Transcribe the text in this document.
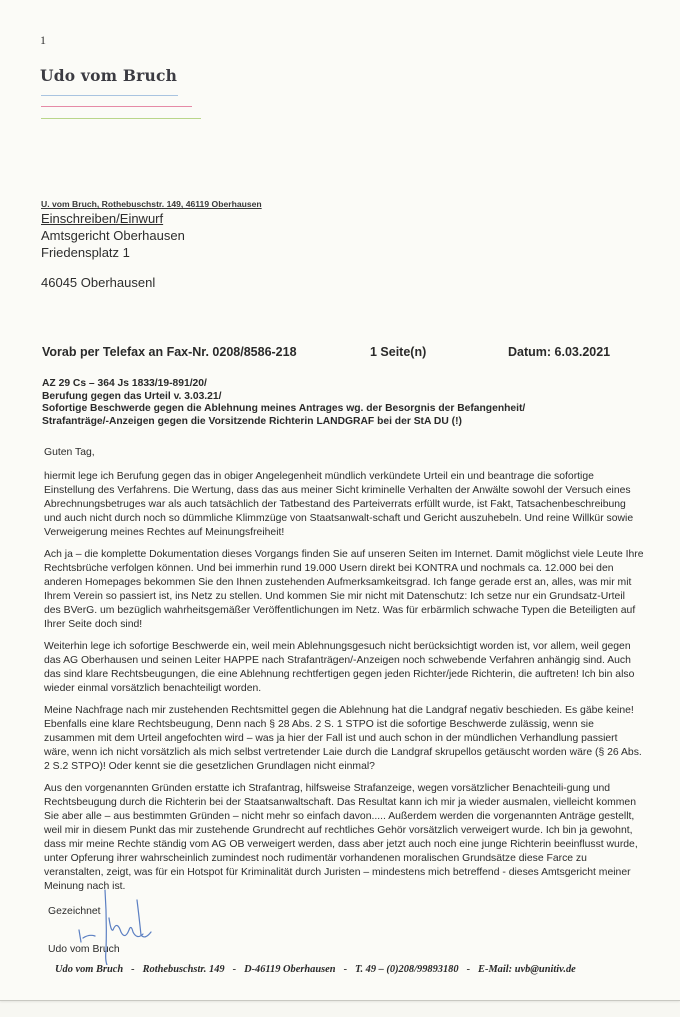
1
Udo vom Bruch
U. vom Bruch, Rothebuschstr. 149, 46119 Oberhausen
Einschreiben/Einwurf
Amtsgericht Oberhausen
Friedensplatz 1
46045 Oberhausenl
Vorab per Telefax an Fax-Nr. 0208/8586-218	1 Seite(n)	Datum: 6.03.2021
AZ 29 Cs – 364 Js 1833/19-891/20/
Berufung gegen das Urteil v. 3.03.21/
Sofortige Beschwerde gegen die Ablehnung meines Antrages wg. der Besorgnis der Befangenheit/
Strafanträge/-Anzeigen gegen die Vorsitzende Richterin LANDGRAF bei der StA DU (!)

Guten Tag,

hiermit lege ich Berufung gegen das in obiger Angelegenheit mündlich verkündete Urteil ein und beantrage die sofortige Einstellung des Verfahrens. Die Wertung, dass das aus meiner Sicht kriminelle Verhalten der Anwälte sowohl der Versuch eines Abrechnungsbetruges war als auch tatsächlich der Tatbestand des Parteiverrats erfüllt wurde, ist Fakt, Tatsachenbeschreibung und auch nicht durch noch so dümmliche Klimmzüge von Staatsanwalt-schaft und Gericht auszuhebeln. Und reine Willkür sowie Verweigerung meines Rechtes auf Meinungsfreiheit!

Ach ja – die komplette Dokumentation dieses Vorgangs finden Sie auf unseren Seiten im Internet. Damit möglichst viele Leute Ihre Rechtsbrüche verfolgen können. Und bei immerhin rund 19.000 Usern direkt bei KONTRA und nochmals ca. 12.000 bei den anderen Homepages bekommen Sie den Ihnen zustehenden Aufmerksamkeitsgrad. Ich fange gerade erst an, alles, was mir mit Ihrem Verein so passiert ist, ins Netz zu stellen. Und kommen Sie mir nicht mit Datenschutz: Ich setze nur ein Grundsatz-Urteil des BVerG. um bezüglich wahrheitsgemäßer Veröffentlichungen im Netz. Was für erbärmlich schwache Typen die Beteiligten auf Ihrer Seite doch sind!

Weiterhin lege ich sofortige Beschwerde ein, weil mein Ablehnungsgesuch nicht berücksichtigt worden ist, vor allem, weil gegen das AG Oberhausen und seinen Leiter HAPPE nach Strafanträgen/-Anzeigen noch schwebende Verfahren anhängig sind. Auch das sind klare Rechtsbeugungen, die eine Ablehnung rechtfertigen gegen jeden Richter/jede Richterin, die auftreten! Ich bin also wieder einmal vorsätzlich benachteiligt worden.

Meine Nachfrage nach mir zustehenden Rechtsmittel gegen die Ablehnung hat die Landgraf negativ beschieden. Es gäbe keine! Ebenfalls eine klare Rechtsbeugung, Denn nach § 28 Abs. 2 S. 1 STPO ist die sofortige Beschwerde zulässig, wenn sie zusammen mit dem Urteil angefochten wird – was ja hier der Fall ist und auch schon in der mündlichen Verhandlung passiert wäre, wenn ich nicht vorsätzlich als mich selbst vertretender Laie durch die Landgraf skrupellos getäuscht worden wäre (§ 26 Abs. 2 S.2 STPO)! Oder kennt sie die gesetzlichen Grundlagen nicht einmal?

Aus den vorgenannten Gründen erstatte ich Strafantrag, hilfsweise Strafanzeige, wegen vorsätzlicher Benachteili-gung und Rechtsbeugung durch die Richterin bei der Staatsanwaltschaft. Das Resultat kann ich mir ja wieder ausmalen, vielleicht kommen Sie aber alle – aus bestimmten Gründen – nicht mehr so einfach davon..... Außerdem werden die vorgenannten Anträge gestellt, weil mir in diesem Punkt das mir zustehende Grundrecht auf rechtliches Gehör vorsätzlich verweigert wurde. Ich bin ja gewohnt, dass mir meine Rechte ständig vom AG OB verweigert werden, dass aber jetzt auch noch eine junge Richterin beeinflusst wurde, unter Opferung ihrer wahrscheinlich zumindest noch rudimentär vorhandenen moralischen Grundsätze diese Farce zu veranstalten, zeigt, was für ein Hotspot für Kriminalität durch Juristen – mindestens mich betreffend - dieses Amtsgericht meiner Meinung nach ist.

Gezeichnet
Udo vom Bruch
Udo vom Bruch - Rothebuschstr. 149 - D-46119 Oberhausen - T. 49 – (0)208/99893180 - E-Mail: uvb@unitiv.de
